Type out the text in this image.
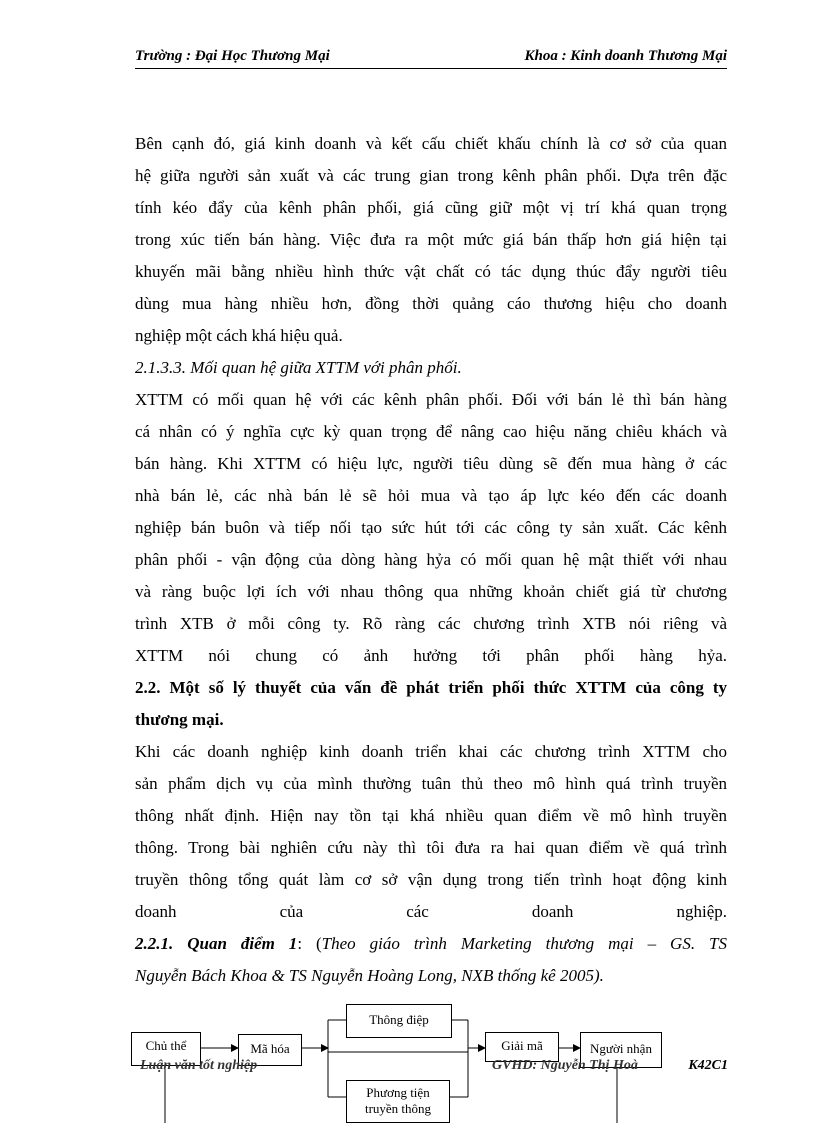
Trường : Đại Học Thương Mại	Khoa : Kinh doanh Thương Mại
Bên cạnh đó, giá kinh doanh và kết cấu chiết khấu chính là cơ sở của quan
hệ giữa người sản xuất và các trung gian trong kênh phân phối. Dựa trên đặc
tính kéo đẩy của kênh phân phối, giá cũng giữ một vị trí khá quan trọng
trong xúc tiến bán hàng. Việc đưa ra một mức giá bán thấp hơn giá hiện tại
khuyến mãi bằng nhiều hình thức vật chất có tác dụng thúc đẩy người tiêu
dùng mua hàng nhiều hơn, đồng thời quảng cáo thương hiệu cho doanh
nghiệp một cách khá hiệu quả.
2.1.3.3. Mối quan hệ giữa XTTM với phân phối.
XTTM có mối quan hệ với các kênh phân phối. Đối với bán lẻ thì bán hàng
cá nhân có ý nghĩa cực kỳ quan trọng để nâng cao hiệu năng chiêu khách và
bán hàng. Khi XTTM có hiệu lực, người tiêu dùng sẽ đến mua hàng ở các
nhà bán lẻ, các nhà bán lẻ sẽ hỏi mua và tạo áp lực kéo đến các doanh
nghiệp bán buôn và tiếp nối tạo sức hút tới các công ty sản xuất. Các kênh
phân phối - vận động của dòng hàng hỷa có mối quan hệ mật thiết với nhau
và ràng buộc lợi ích với nhau thông qua những khoản chiết giá từ chương
trình XTB ở mỗi công ty. Rõ ràng các chương trình XTB nói riêng và
XTTM nói chung có ảnh hưởng tới phân phối hàng hỷa.
2.2. Một số lý thuyết của vấn đề phát triển phối thức XTTM của công ty
thương mại.
Khi các doanh nghiệp kinh doanh triển khai các chương trình XTTM cho
sản phẩm dịch vụ của mình thường tuân thủ theo mô hình quá trình truyền
thông nhất định. Hiện nay tồn tại khá nhiều quan điểm về mô hình truyền
thông. Trong bài nghiên cứu này thì tôi đưa ra hai quan điểm về quá trình
truyền thông tổng quát làm cơ sở vận dụng trong tiến trình hoạt động kinh
doanh của các doanh nghiệp.
2.2.1. Quan điểm 1: (Theo giáo trình Marketing thương mại – GS. TS
Nguyễn Bách Khoa & TS Nguyễn Hoàng Long, NXB thống kê 2005).
Chủ thể	Mã hóa
Thông điệp
Phương tiện
truyền thông
Giải mã	Người nhận
Luận văn tốt nghiệp	GVHD: Nguyễn Thị Hoà	K42C1
